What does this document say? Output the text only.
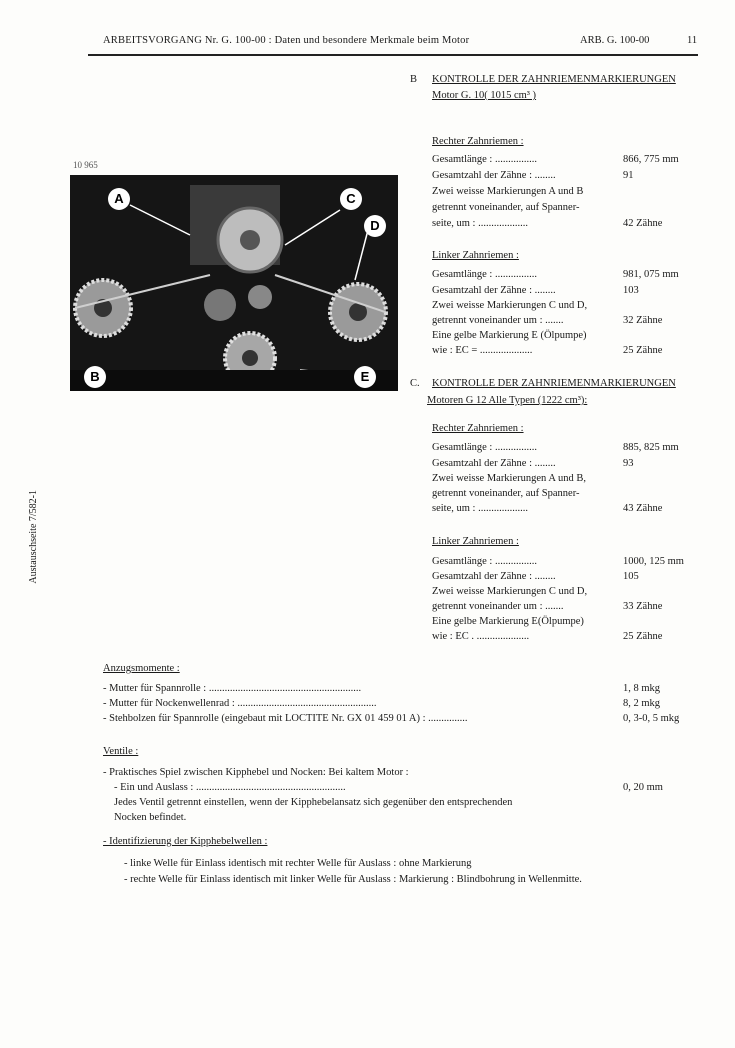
ARBEITSVORGANG Nr. G. 100-00 : Daten und besondere Merkmale beim Motor	ARB. G. 100-00	11
Austauschseite 7/582-1
10 965
A
B
C
D
E
B KONTROLLE DER ZAHNRIEMENMARKIERUNGEN
Motor G. 10( 1015 cm³ )
Rechter Zahnriemen :
Gesamtlänge : ................	866, 775 mm
Gesamtzahl der Zähne : ........	91
Zwei weisse Markierungen A und B
getrennt voneinander, auf Spanner-
seite, um : ...................	42 Zähne
Linker Zahnriemen :
Gesamtlänge : ................	981, 075 mm
Gesamtzahl der Zähne : ........	103
Zwei weisse Markierungen C und D,
getrennt voneinander um : .......	32 Zähne
Eine gelbe Markierung E (Ölpumpe)
wie : EC = ....................	25 Zähne
C. KONTROLLE DER ZAHNRIEMENMARKIERUNGEN
Motoren G 12 Alle Typen (1222 cm³):
Rechter Zahnriemen :
Gesamtlänge : ................	885, 825 mm
Gesamtzahl der Zähne : ........	93
Zwei weisse Markierungen A und B,
getrennt voneinander, auf Spanner-
seite, um : ...................	43 Zähne
Linker Zahnriemen :
Gesamtlänge : ................	1000, 125 mm
Gesamtzahl der Zähne : ........	105
Zwei weisse Markierungen C und D,
getrennt voneinander um : .......	33 Zähne
Eine gelbe Markierung E(Ölpumpe)
wie : EC . ....................	25 Zähne
Anzugsmomente :
- Mutter für Spannrolle : ..........................................................	1, 8 mkg
- Mutter für Nockenwellenrad : .....................................................	8, 2 mkg
- Stehbolzen für Spannrolle (eingebaut mit LOCTITE Nr. GX 01 459 01 A) : ...............	0, 3-0, 5 mkg
Ventile :
- Praktisches Spiel zwischen Kipphebel und Nocken: Bei kaltem Motor :
- Ein und Auslass : .........................................................	0, 20 mm
Jedes Ventil getrennt einstellen, wenn der Kipphebelansatz sich gegenüber den entsprechenden
Nocken befindet.
- Identifizierung der Kipphebelwellen :
- linke Welle für Einlass identisch mit rechter Welle für Auslass : ohne Markierung
- rechte Welle für Einlass identisch mit linker Welle für Auslass : Markierung : Blindbohrung in Wellenmitte.
